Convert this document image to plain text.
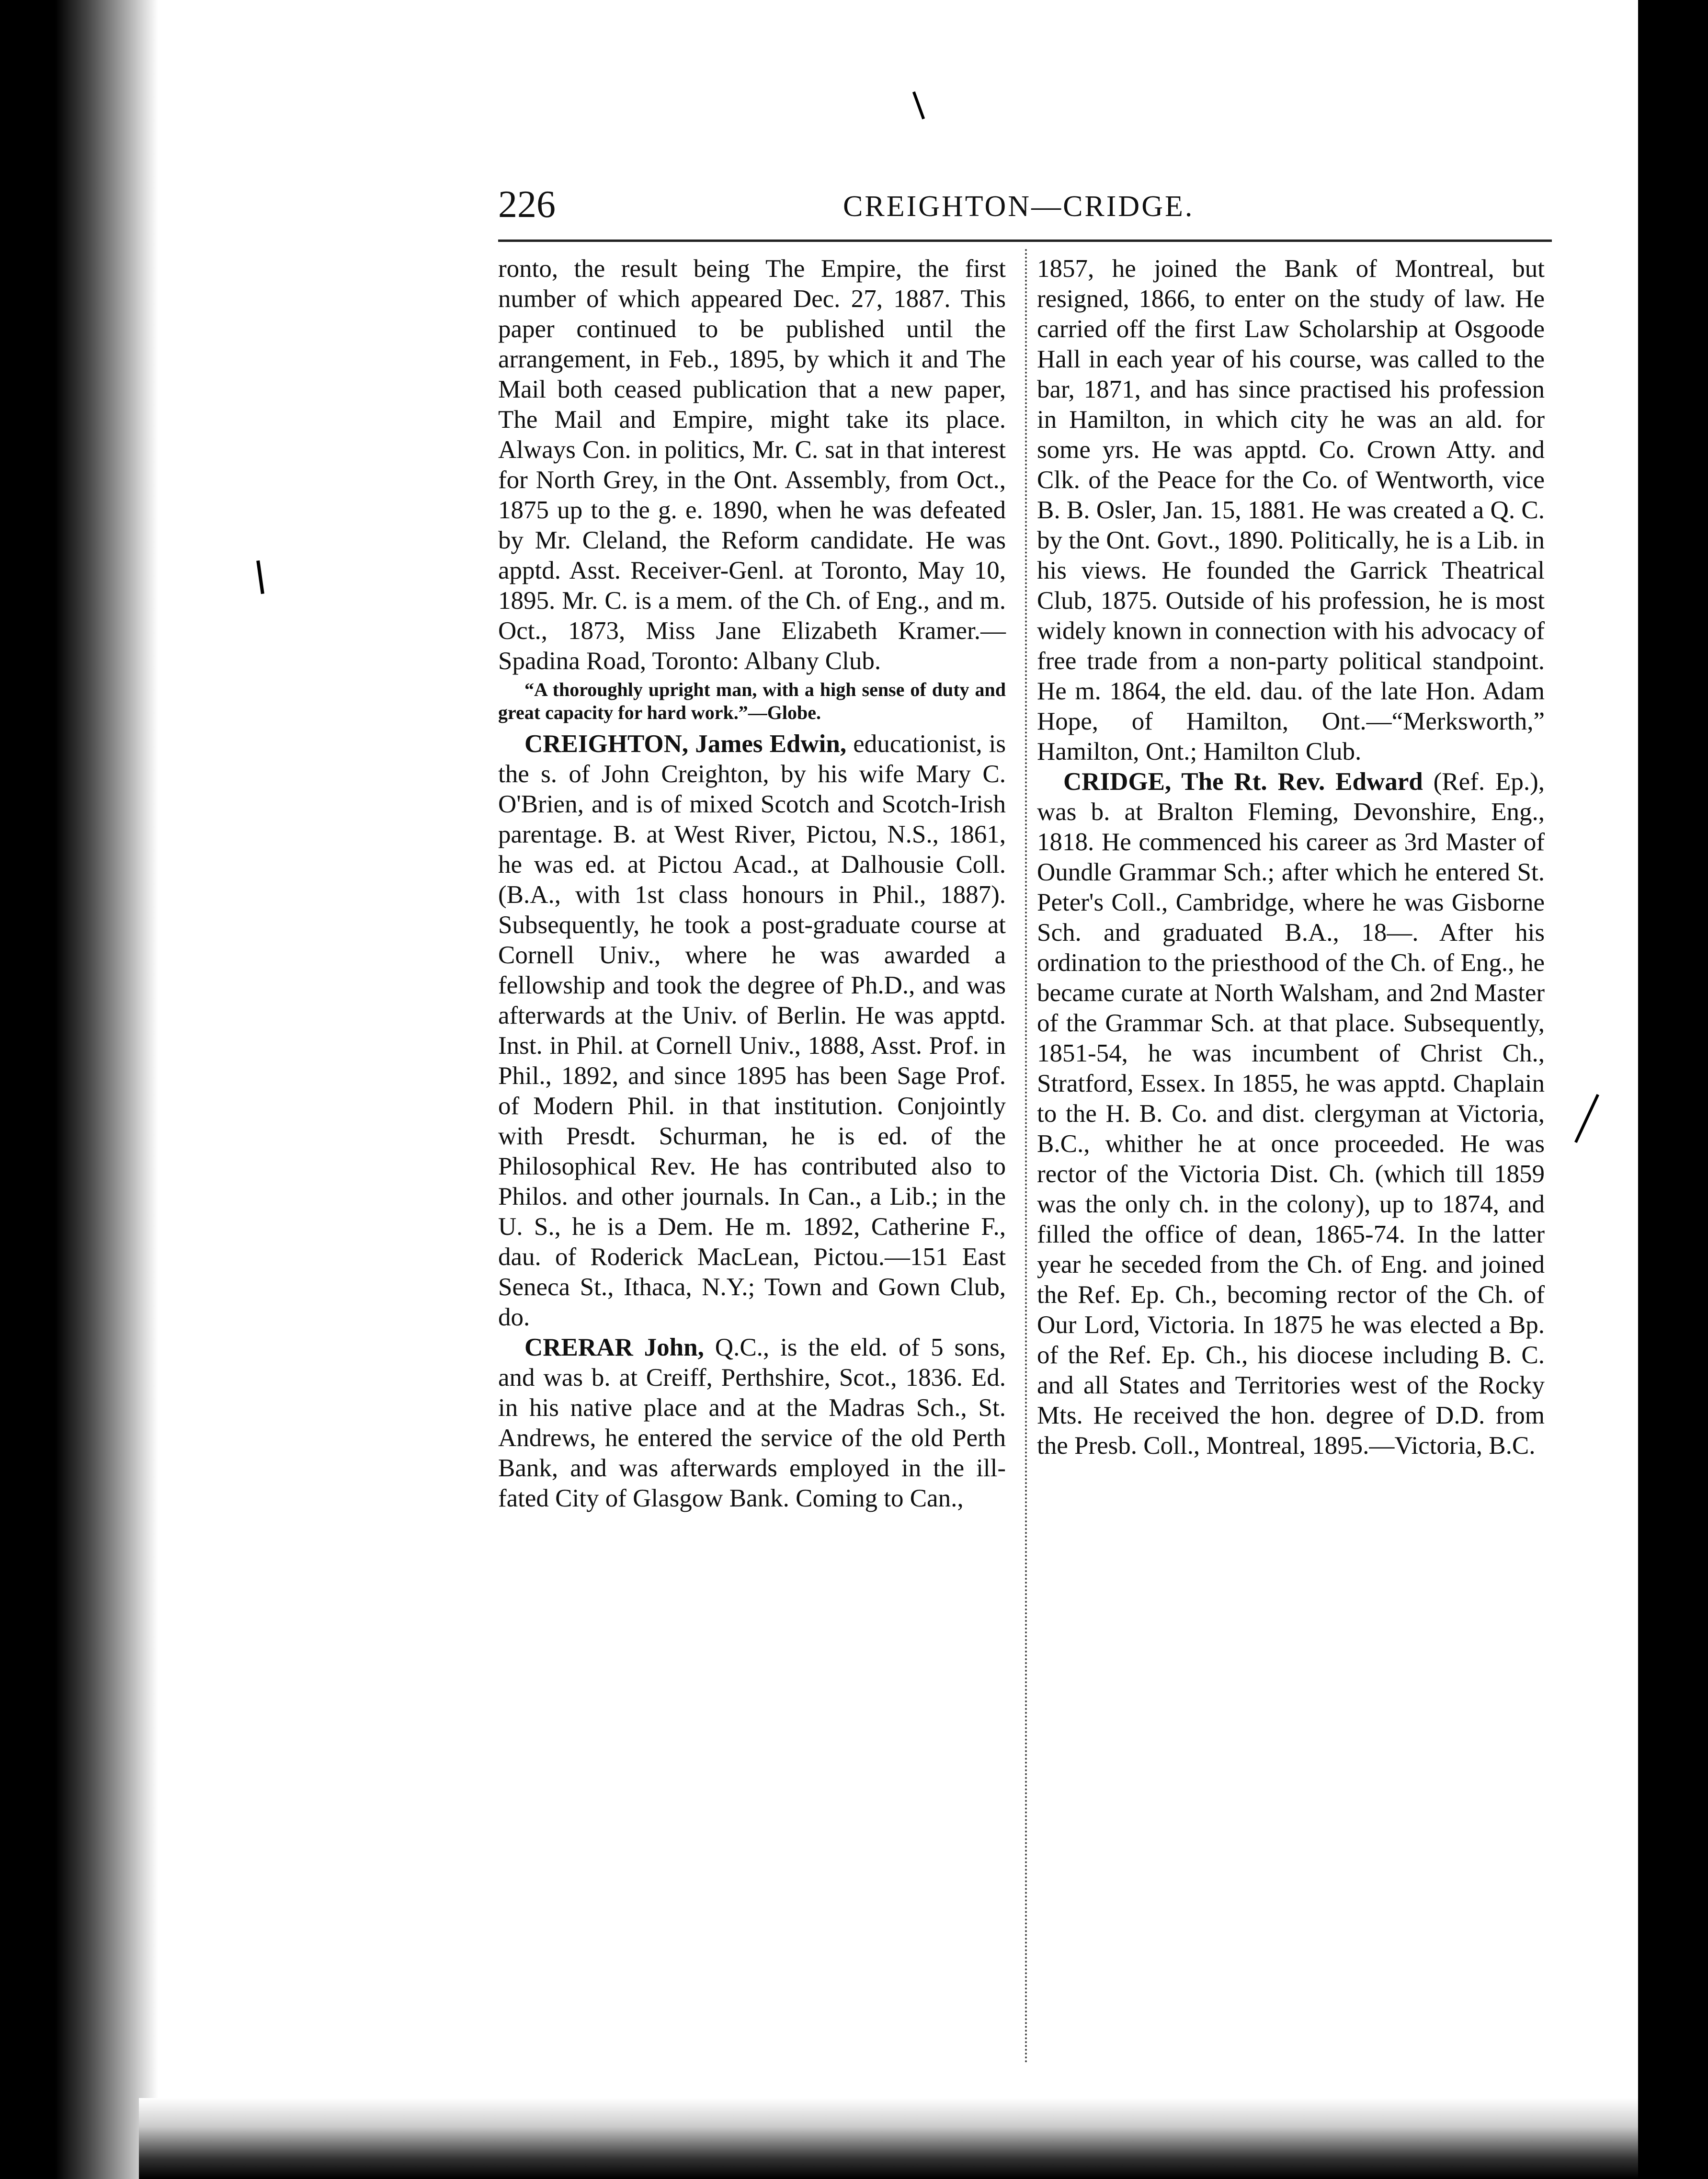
226	CREIGHTON—CRIDGE.

ronto, the result being The Empire, the first number of which appeared Dec. 27, 1887. This paper continued to be published until the arrangement, in Feb., 1895, by which it and The Mail both ceased publication that a new paper, The Mail and Empire, might take its place. Always Con. in politics, Mr. C. sat in that interest for North Grey, in the Ont. Assembly, from Oct., 1875 up to the g. e. 1890, when he was defeated by Mr. Cleland, the Reform candidate. He was apptd. Asst. Receiver-Genl. at Toronto, May 10, 1895. Mr. C. is a mem. of the Ch. of Eng., and m. Oct., 1873, Miss Jane Elizabeth Kramer.—Spadina Road, Toronto: Albany Club.

“A thoroughly upright man, with a high sense of duty and great capacity for hard work.”—Globe.

CREIGHTON, James Edwin, educationist, is the s. of John Creighton, by his wife Mary C. O'Brien, and is of mixed Scotch and Scotch-Irish parentage. B. at West River, Pictou, N.S., 1861, he was ed. at Pictou Acad., at Dalhousie Coll. (B.A., with 1st class honours in Phil., 1887). Subsequently, he took a post-graduate course at Cornell Univ., where he was awarded a fellowship and took the degree of Ph.D., and was afterwards at the Univ. of Berlin. He was apptd. Inst. in Phil. at Cornell Univ., 1888, Asst. Prof. in Phil., 1892, and since 1895 has been Sage Prof. of Modern Phil. in that institution. Conjointly with Presdt. Schurman, he is ed. of the Philosophical Rev. He has contributed also to Philos. and other journals. In Can., a Lib.; in the U. S., he is a Dem. He m. 1892, Catherine F., dau. of Roderick MacLean, Pictou.—151 East Seneca St., Ithaca, N.Y.; Town and Gown Club, do.

CRERAR John, Q.C., is the eld. of 5 sons, and was b. at Creiff, Perthshire, Scot., 1836. Ed. in his native place and at the Madras Sch., St. Andrews, he entered the service of the old Perth Bank, and was afterwards employed in the ill-fated City of Glasgow Bank. Coming to Can.,

1857, he joined the Bank of Montreal, but resigned, 1866, to enter on the study of law. He carried off the first Law Scholarship at Osgoode Hall in each year of his course, was called to the bar, 1871, and has since practised his profession in Hamilton, in which city he was an ald. for some yrs. He was apptd. Co. Crown Atty. and Clk. of the Peace for the Co. of Wentworth, vice B. B. Osler, Jan. 15, 1881. He was created a Q. C. by the Ont. Govt., 1890. Politically, he is a Lib. in his views. He founded the Garrick Theatrical Club, 1875. Outside of his profession, he is most widely known in connection with his advocacy of free trade from a non-party political standpoint. He m. 1864, the eld. dau. of the late Hon. Adam Hope, of Hamilton, Ont.—“Merksworth,” Hamilton, Ont.; Hamilton Club.

CRIDGE, The Rt. Rev. Edward (Ref. Ep.), was b. at Bralton Fleming, Devonshire, Eng., 1818. He commenced his career as 3rd Master of Oundle Grammar Sch.; after which he entered St. Peter's Coll., Cambridge, where he was Gisborne Sch. and graduated B.A., 18—. After his ordination to the priesthood of the Ch. of Eng., he became curate at North Walsham, and 2nd Master of the Grammar Sch. at that place. Subsequently, 1851-54, he was incumbent of Christ Ch., Stratford, Essex. In 1855, he was apptd. Chaplain to the H. B. Co. and dist. clergyman at Victoria, B.C., whither he at once proceeded. He was rector of the Victoria Dist. Ch. (which till 1859 was the only ch. in the colony), up to 1874, and filled the office of dean, 1865-74. In the latter year he seceded from the Ch. of Eng. and joined the Ref. Ep. Ch., becoming rector of the Ch. of Our Lord, Victoria. In 1875 he was elected a Bp. of the Ref. Ep. Ch., his diocese including B. C. and all States and Territories west of the Rocky Mts. He received the hon. degree of D.D. from the Presb. Coll., Montreal, 1895.—Victoria, B.C.
